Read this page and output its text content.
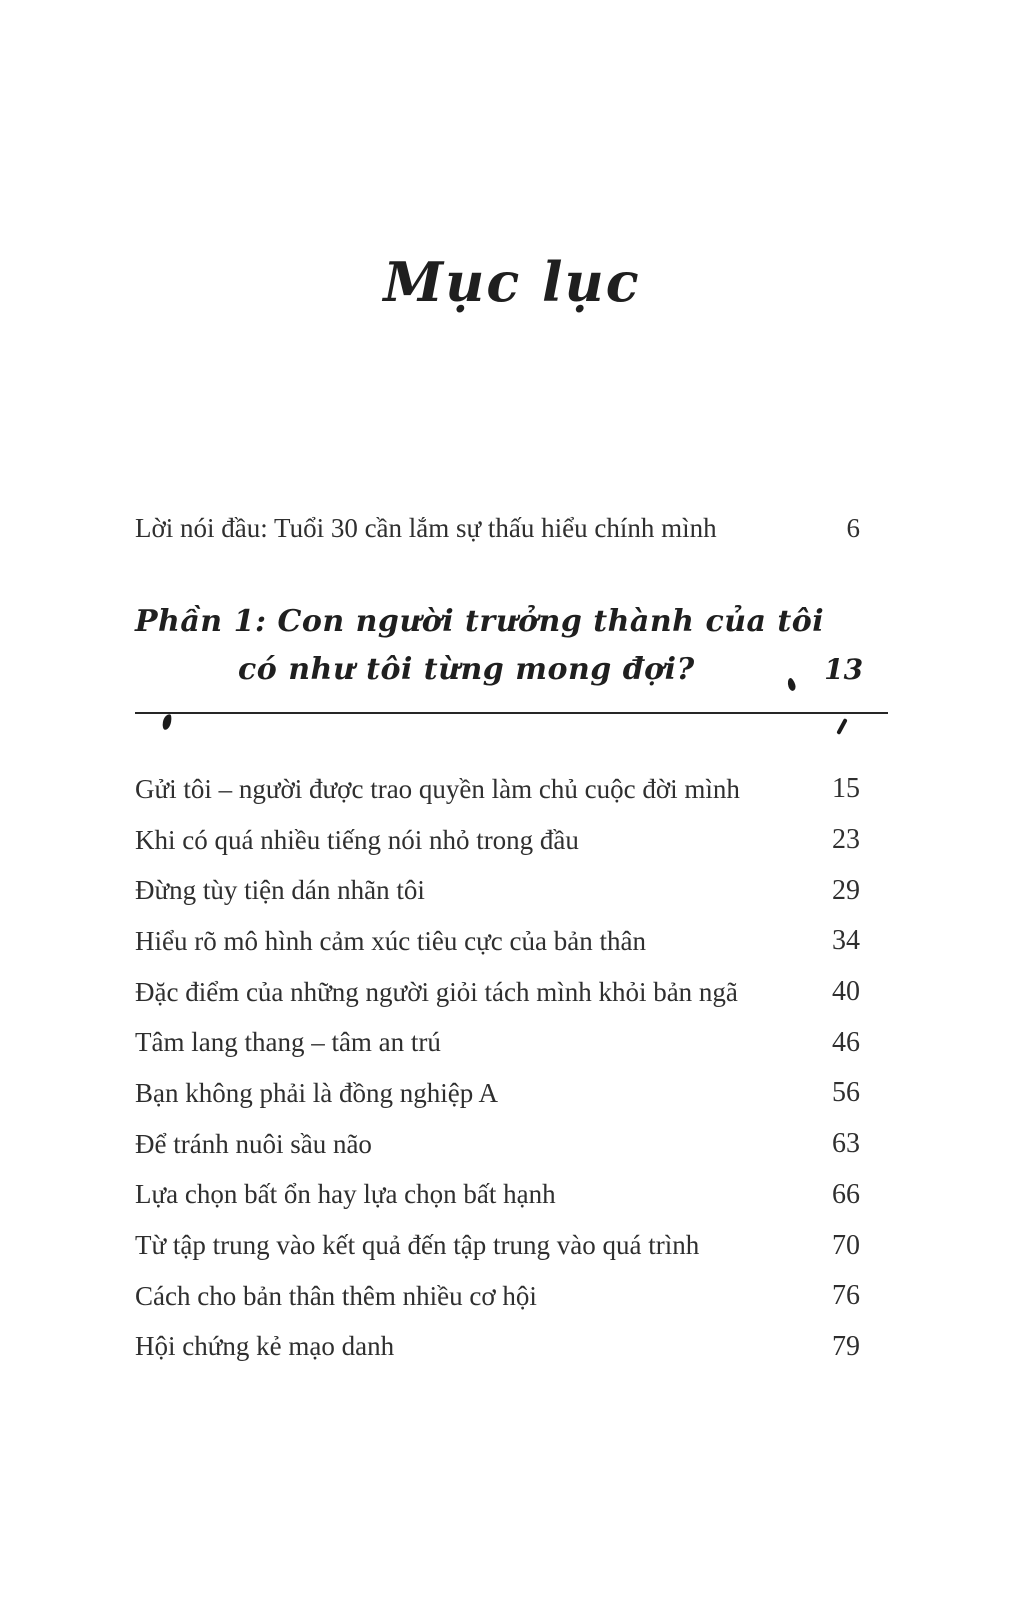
Mục lục
Lời nói đầu: Tuổi 30 cần lắm sự thấu hiểu chính mình	6
Phần 1: Con người trưởng thành của tôi
có như tôi từng mong đợi?	13
Gửi tôi – người được trao quyền làm chủ cuộc đời mình	15
Khi có quá nhiều tiếng nói nhỏ trong đầu	23
Đừng tùy tiện dán nhãn tôi	29
Hiểu rõ mô hình cảm xúc tiêu cực của bản thân	34
Đặc điểm của những người giỏi tách mình khỏi bản ngã	40
Tâm lang thang – tâm an trú	46
Bạn không phải là đồng nghiệp A	56
Để tránh nuôi sầu não	63
Lựa chọn bất ổn hay lựa chọn bất hạnh	66
Từ tập trung vào kết quả đến tập trung vào quá trình	70
Cách cho bản thân thêm nhiều cơ hội	76
Hội chứng kẻ mạo danh	79
